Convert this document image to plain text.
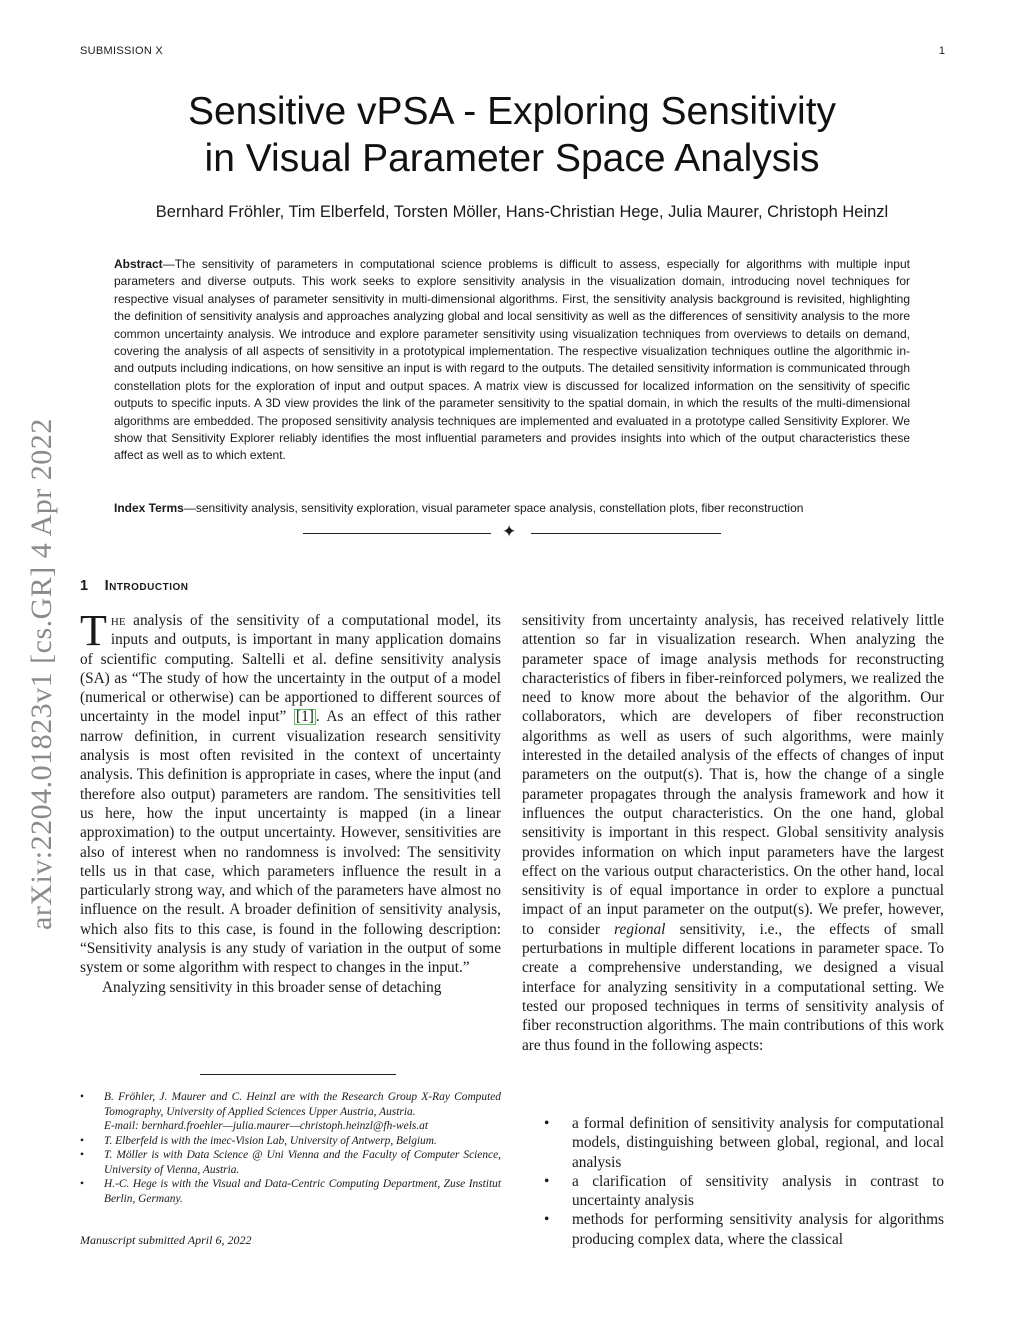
SUBMISSION X	1
arXiv:2204.01823v1 [cs.GR] 4 Apr 2022
Sensitive vPSA - Exploring Sensitivity
in Visual Parameter Space Analysis
Bernhard Fröhler, Tim Elberfeld, Torsten Möller, Hans-Christian Hege, Julia Maurer, Christoph Heinzl
Abstract—The sensitivity of parameters in computational science problems is difficult to assess, especially for algorithms with multiple input parameters and diverse outputs. This work seeks to explore sensitivity analysis in the visualization domain, introducing novel techniques for respective visual analyses of parameter sensitivity in multi-dimensional algorithms. First, the sensitivity analysis background is revisited, highlighting the definition of sensitivity analysis and approaches analyzing global and local sensitivity as well as the differences of sensitivity analysis to the more common uncertainty analysis. We introduce and explore parameter sensitivity using visualization techniques from overviews to details on demand, covering the analysis of all aspects of sensitivity in a prototypical implementation. The respective visualization techniques outline the algorithmic in- and outputs including indications, on how sensitive an input is with regard to the outputs. The detailed sensitivity information is communicated through constellation plots for the exploration of input and output spaces. A matrix view is discussed for localized information on the sensitivity of specific outputs to specific inputs. A 3D view provides the link of the parameter sensitivity to the spatial domain, in which the results of the multi-dimensional algorithms are embedded. The proposed sensitivity analysis techniques are implemented and evaluated in a prototype called Sensitivity Explorer. We show that Sensitivity Explorer reliably identifies the most influential parameters and provides insights into which of the output characteristics these affect as well as to which extent.
Index Terms—sensitivity analysis, sensitivity exploration, visual parameter space analysis, constellation plots, fiber reconstruction
✦
1 Introduction

The analysis of the sensitivity of a computational model, its inputs and outputs, is important in many application domains of scientific computing. Saltelli et al. define sensitivity analysis (SA) as “The study of how the uncertainty in the output of a model (numerical or otherwise) can be apportioned to different sources of uncertainty in the model input” [1] . As an effect of this rather narrow definition, in current visualization research sensitivity analysis is most often revisited in the context of uncertainty analysis. This definition is appropriate in cases, where the input (and therefore also output) parameters are random. The sensitivities tell us here, how the input uncertainty is mapped (in a linear approximation) to the output uncertainty. However, sensitivities are also of interest when no randomness is involved: The sensitivity tells us in that case, which parameters influence the result in a particularly strong way, and which of the parameters have almost no influence on the result. A broader definition of sensitivity analysis, which also fits to this case, is found in the following description: “Sensitivity analysis is any study of variation in the output of some system or some algorithm with respect to changes in the input.”

Analyzing sensitivity in this broader sense of detaching

sensitivity from uncertainty analysis, has received relatively little attention so far in visualization research. When analyzing the parameter space of image analysis methods for reconstructing characteristics of fibers in fiber-reinforced polymers, we realized the need to know more about the behavior of the algorithm. Our collaborators, which are developers of fiber reconstruction algorithms as well as users of such algorithms, were mainly interested in the detailed analysis of the effects of changes of input parameters on the output(s). That is, how the change of a single parameter propagates through the analysis framework and how it influences the output characteristics. On the one hand, global sensitivity is important in this respect. Global sensitivity analysis provides information on which input parameters have the largest effect on the various output characteristics. On the other hand, local sensitivity is of equal importance in order to explore a punctual impact of an input parameter on the output(s). We prefer, however, to consider regional sensitivity, i.e., the effects of small perturbations in multiple different locations in parameter space. To create a comprehensive understanding, we designed a visual interface for analyzing sensitivity in a computational setting. We tested our proposed techniques in terms of sensitivity analysis of fiber reconstruction algorithms. The main contributions of this work are thus found in the following aspects:

• a formal definition of sensitivity analysis for computational models, distinguishing between global, regional, and local analysis
• a clarification of sensitivity analysis in contrast to uncertainty analysis
• methods for performing sensitivity analysis for algorithms producing complex data, where the classical
• B. Fröhler, J. Maurer and C. Heinzl are with the Research Group X-Ray Computed Tomography, University of Applied Sciences Upper Austria, Austria.
E-mail: bernhard.froehler—julia.maurer—christoph.heinzl@fh-wels.at
• T. Elberfeld is with the imec-Vision Lab, University of Antwerp, Belgium.
• T. Möller is with Data Science @ Uni Vienna and the Faculty of Computer Science, University of Vienna, Austria.
• H.-C. Hege is with the Visual and Data-Centric Computing Department, Zuse Institut Berlin, Germany.
Manuscript submitted April 6, 2022
